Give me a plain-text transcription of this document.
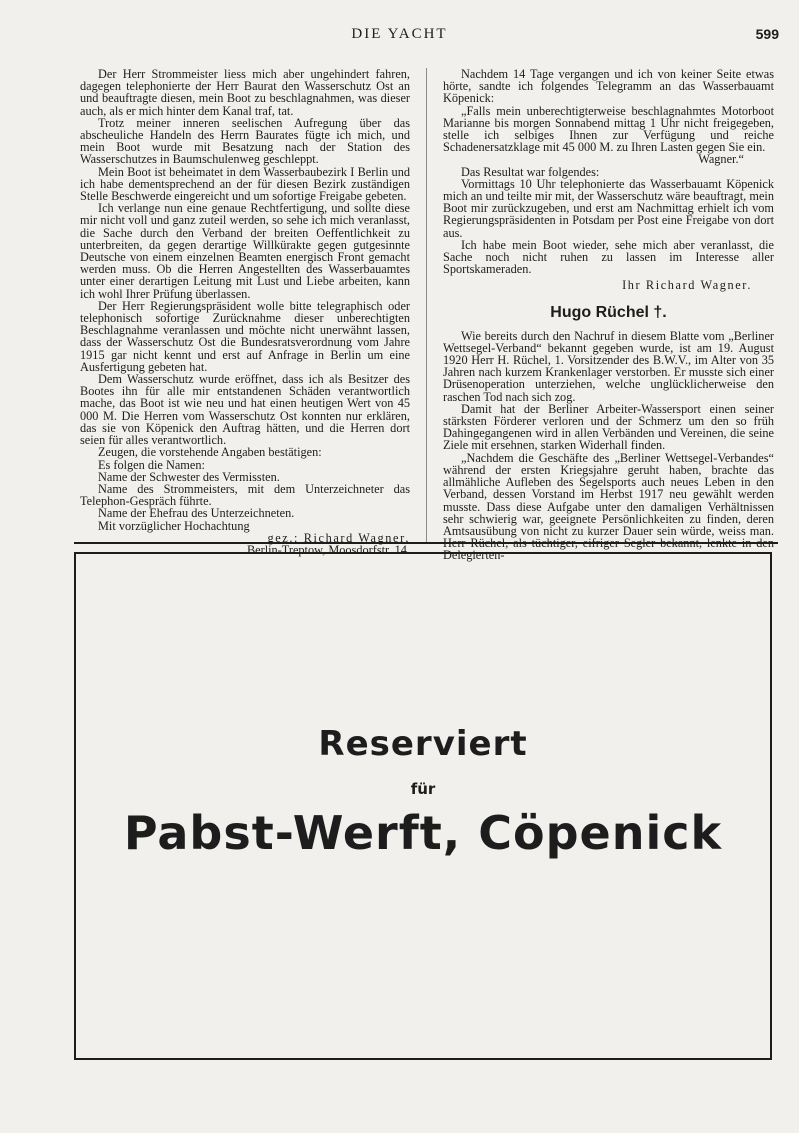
DIE YACHT	599

Der Herr Strommeister liess mich aber ungehindert fahren, dagegen telephonierte der Herr Baurat den Wasserschutz Ost an und beauftragte diesen, mein Boot zu beschlagnahmen, was dieser auch, als er mich hinter dem Kanal traf, tat.

Trotz meiner inneren seelischen Aufregung über das abscheuliche Handeln des Herrn Baurates fügte ich mich, und mein Boot wurde mit Besatzung nach der Station des Wasserschutzes in Baumschulenweg geschleppt.

Mein Boot ist beheimatet in dem Wasserbaubezirk I Berlin und ich habe dementsprechend an der für diesen Bezirk zuständigen Stelle Beschwerde eingereicht und um sofortige Freigabe gebeten.

Ich verlange nun eine genaue Rechtfertigung, und sollte diese mir nicht voll und ganz zuteil werden, so sehe ich mich veranlasst, die Sache durch den Verband der breiten Oeffentlichkeit zu unterbreiten, da gegen derartige Willkürakte gegen gutgesinnte Deutsche von einem einzelnen Beamten energisch Front gemacht werden muss. Ob die Herren Angestellten des Wasserbauamtes unter einer derartigen Leitung mit Lust und Liebe arbeiten, kann ich wohl Ihrer Prüfung überlassen.

Der Herr Regierungspräsident wolle bitte telegraphisch oder telephonisch sofortige Zurücknahme dieser unberechtigten Beschlagnahme veranlassen und möchte nicht unerwähnt lassen, dass der Wasserschutz Ost die Bundesratsverordnung vom Jahre 1915 gar nicht kennt und erst auf Anfrage in Berlin um eine Ausfertigung gebeten hat.

Dem Wasserschutz wurde eröffnet, dass ich als Besitzer des Bootes ihn für alle mir entstandenen Schäden verantwortlich mache, das Boot ist wie neu und hat einen heutigen Wert von 45 000 M. Die Herren vom Wasserschutz Ost konnten nur erklären, das sie von Köpenick den Auftrag hätten, und die Herren dort seien für alles verantwortlich.

Zeugen, die vorstehende Angaben bestätigen:

Es folgen die Namen:

Name der Schwester des Vermissten.

Name des Strommeisters, mit dem Unterzeichneter das Telephon-Gespräch führte.

Name der Ehefrau des Unterzeichneten.

Mit vorzüglicher Hochachtung

gez.: Richard Wagner,

Berlin-Treptow, Moosdorfstr. 14.

Nachdem 14 Tage vergangen und ich von keiner Seite etwas hörte, sandte ich folgendes Telegramm an das Wasserbauamt Köpenick:

„Falls mein unberechtigterweise beschlagnahmtes Motorboot Marianne bis morgen Sonnabend mittag 1 Uhr nicht freigegeben, stelle ich selbiges Ihnen zur Verfügung und reiche Schadenersatzklage mit 45 000 M. zu Ihren Lasten gegen Sie ein.

Wagner.“

Das Resultat war folgendes:

Vormittags 10 Uhr telephonierte das Wasserbauamt Köpenick mich an und teilte mir mit, der Wasserschutz wäre beauftragt, mein Boot mir zurückzugeben, und erst am Nachmittag erhielt ich vom Regierungspräsidenten in Potsdam per Post eine Freigabe von dort aus.

Ich habe mein Boot wieder, sehe mich aber veranlasst, die Sache noch nicht ruhen zu lassen im Interesse aller Sportskameraden.

Ihr Richard Wagner.

Hugo Rüchel †.

Wie bereits durch den Nachruf in diesem Blatte vom „Berliner Wettsegel-Verband“ bekannt gegeben wurde, ist am 19. August 1920 Herr H. Rüchel, 1. Vorsitzender des B.W.V., im Alter von 35 Jahren nach kurzem Krankenlager verstorben. Er musste sich einer Drüsenoperation unterziehen, welche unglücklicherweise den raschen Tod nach sich zog.

Damit hat der Berliner Arbeiter-Wassersport einen seiner stärksten Förderer verloren und der Schmerz um den so früh Dahingegangenen wird in allen Verbänden und Vereinen, die seine Ziele mit ersehnen, starken Widerhall finden.

„Nachdem die Geschäfte des „Berliner Wettsegel-Verbandes“ während der ersten Kriegsjahre geruht haben, brachte das allmähliche Aufleben des Segelsports auch neues Leben in den Verband, dessen Vorstand im Herbst 1917 neu gewählt werden musste. Dass diese Aufgabe unter den damaligen Verhältnissen sehr schwierig war, geeignete Persönlichkeiten zu finden, deren Amtsausübung von nicht zu kurzer Dauer sein würde, weiss man. Herr Rüchel, als tüchtiger, eifriger Segler bekannt, lenkte in den Delegierten-

Reserviert
für
Pabst-Werft, Cöpenick
